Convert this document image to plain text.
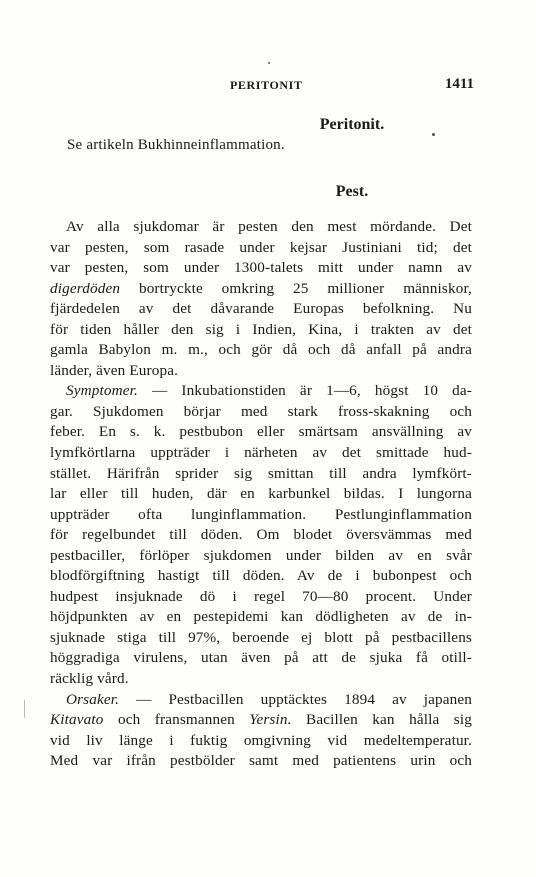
PERITONIT	1411
Peritonit.
Se artikeln Bukhinneinflammation.
Pest.
Av alla sjukdomar är pesten den mest mördande. Det
var pesten, som rasade under kejsar Justiniani tid; det
var pesten, som under 1300-talets mitt under namn av
digerdöden bortryckte omkring 25 millioner människor,
fjärdedelen av det dåvarande Europas befolkning. Nu
för tiden håller den sig i Indien, Kina, i trakten av det
gamla Babylon m. m., och gör då och då anfall på andra
länder, även Europa.
Symptomer. — Inkubationstiden är 1—6, högst 10 da-
gar. Sjukdomen börjar med stark fross-skakning och
feber. En s. k. pestbubon eller smärtsam ansvällning av
lymfkörtlarna uppträder i närheten av det smittade hud-
stället. Härifrån sprider sig smittan till andra lymfkört-
lar eller till huden, där en karbunkel bildas. I lungorna
uppträder ofta lunginflammation. Pestlunginflammation
för regelbundet till döden. Om blodet översvämmas med
pestbaciller, förlöper sjukdomen under bilden av en svår
blodförgiftning hastigt till döden. Av de i bubonpest och
hudpest insjuknade dö i regel 70—80 procent. Under
höjdpunkten av en pestepidemi kan dödligheten av de in-
sjuknade stiga till 97%, beroende ej blott på pestbacillens
höggradiga virulens, utan även på att de sjuka få otill-
räcklig vård.
Orsaker. — Pestbacillen upptäcktes 1894 av japanen
Kitavato och fransmannen Yersin. Bacillen kan hålla sig
vid liv länge i fuktig omgivning vid medeltemperatur.
Med var ifrån pestbölder samt med patientens urin och
